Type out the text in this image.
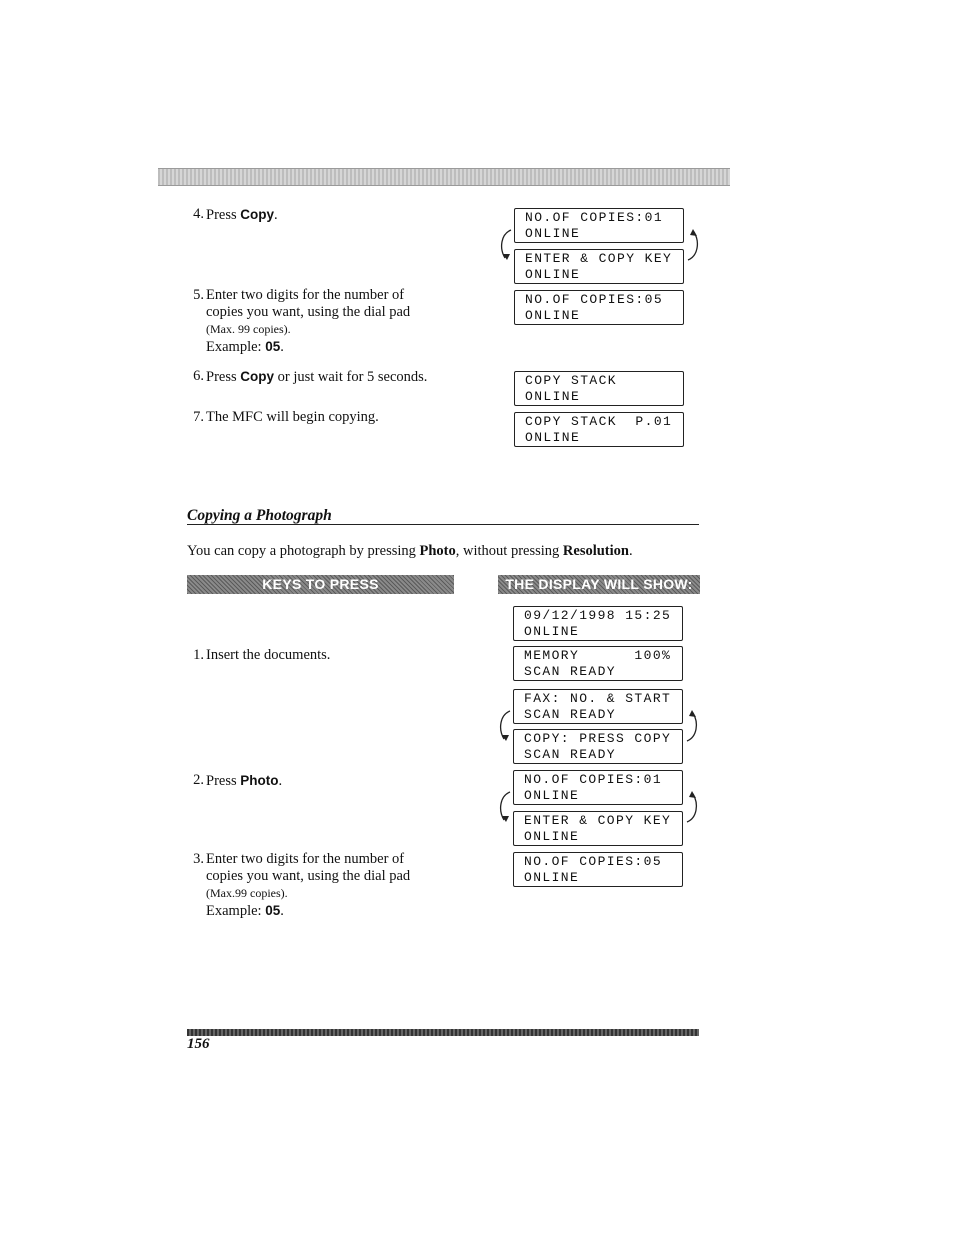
4. Press Copy.
5. Enter two digits for the number of
copies you want, using the dial pad
(Max. 99 copies).
Example: 05.
6. Press Copy or just wait for 5 seconds.
7. The MFC will begin copying.
NO.OF COPIES:01
ONLINE
ENTER & COPY KEY
ONLINE
NO.OF COPIES:05
ONLINE
COPY STACK
ONLINE
COPY STACK  P.01
ONLINE
Copying a Photograph
You can copy a photograph by pressing Photo, without pressing Resolution.
KEYS TO PRESS	THE DISPLAY WILL SHOW:
1. Insert the documents.
2. Press Photo.
3. Enter two digits for the number of
copies you want, using the dial pad
(Max.99 copies).
Example: 05.
09/12/1998 15:25
ONLINE
MEMORY      100%
SCAN READY
FAX: NO. & START
SCAN READY
COPY: PRESS COPY
SCAN READY
NO.OF COPIES:01
ONLINE
ENTER & COPY KEY
ONLINE
NO.OF COPIES:05
ONLINE
156
